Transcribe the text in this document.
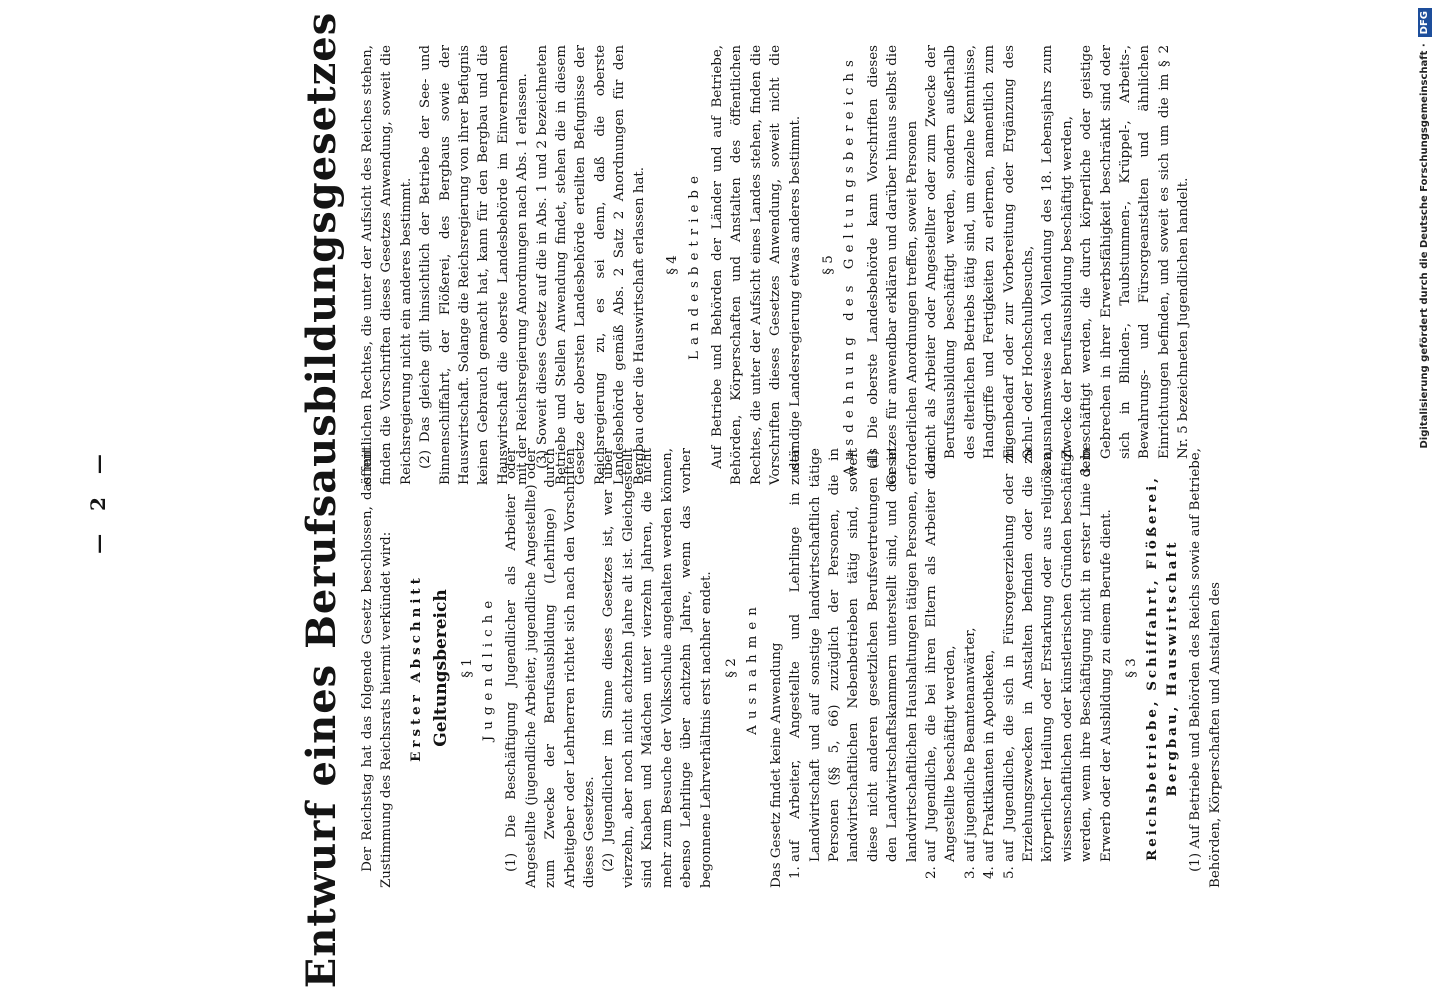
— 2 —	Entwurf eines Berufsausbildungsgesetzes Der Reichstag hat das folgende Gesetz beschlossen, das mit Zustimmung des Reichsrats hiermit verkündet wird: Erster Abschnitt Geltungsbereich § 1 Jugendliche (1) Die Beschäftigung Jugendlicher als Arbeiter oder Angestellte (jugendliche Arbeiter, jugendliche Angestellte) oder zum Zwecke der Berufsausbildung (Lehrlinge) durch Arbeitgeber oder Lehrherren richtet sich nach den Vorschriften dieses Gesetzes. (2) Jugendlicher im Sinne dieses Gesetzes ist, wer über vierzehn, aber noch nicht achtzehn Jahre alt ist. Gleichgestellt sind Knaben und Mädchen unter vierzehn Jahren, die nicht mehr zum Besuche der Volksschule angehalten werden können, ebenso Lehrlinge über achtzehn Jahre, wenn das vorher begonnene Lehrverhältnis erst nachher endet. § 2 Ausnahmen Das Gesetz findet keine Anwendung 1. auf Arbeiter, Angestellte und Lehrlinge in der Landwirtschaft und auf sonstige landwirtschaftlich tätige Personen (§§ 5, 66) zuzüglich der Personen, die in landwirtschaftlichen Nebenbetrieben tätig sind, soweit diese nicht anderen gesetzlichen Berufsvertretungen als den Landwirtschaftskammern unterstellt sind, und der in landwirtschaftlichen Haushaltungen tätigen Personen, 2. auf Jugendliche, die bei ihren Eltern als Arbeiter oder Angestellte beschäftigt werden, 3. auf jugendliche Beamtenanwärter, 4. auf Praktikanten in Apotheken, 5. auf Jugendliche, die sich in Fürsorgeerziehung oder zu Erziehungszwecken in Anstalten befinden oder die zu körperlicher Heilung oder Erstarkung oder aus religiösen, wissenschaftlichen oder künstlerischen Gründen beschäftigt werden, wenn ihre Beschäftigung nicht in erster Linie dem Erwerb oder der Ausbildung zu einem Berufe dient. § 3 Reichsbetriebe, Schiffahrt, Flößerei, Bergbau, Hauswirtschaft (1) Auf Betriebe und Behörden des Reichs sowie auf Betriebe, Behörden, Körperschaften und Anstalten des

öffentlichen Rechtes, die unter der Aufsicht des Reiches stehen, finden die Vorschriften dieses Gesetzes Anwendung, soweit die Reichsregierung nicht ein anderes bestimmt. (2) Das gleiche gilt hinsichtlich der Betriebe der See- und Binnenschiffahrt, der Flößerei, des Bergbaus sowie der Hauswirtschaft. Solange die Reichsregierung von ihrer Befugnis keinen Gebrauch gemacht hat, kann für den Bergbau und die Hauswirtschaft die oberste Landesbehörde im Einvernehmen mit der Reichsregierung Anordnungen nach Abs. 1 erlassen. (3) Soweit dieses Gesetz auf die in Abs. 1 und 2 bezeichneten Betriebe und Stellen Anwendung findet, stehen die in diesem Gesetze der obersten Landesbehörde erteilten Befugnisse der Reichsregierung zu, es sei denn, daß die oberste Landesbehörde gemäß Abs. 2 Satz 2 Anordnungen für den Bergbau oder die Hauswirtschaft erlassen hat. § 4 Landesbetriebe Auf Betriebe und Behörden der Länder und auf Betriebe, Behörden, Körperschaften und Anstalten des öffentlichen Rechtes, die unter der Aufsicht eines Landes stehen, finden die Vorschriften dieses Gesetzes Anwendung, soweit nicht die zuständige Landesregierung etwas anderes bestimmt. § 5 Ausdehnung des Geltungsbereichs (1) Die oberste Landesbehörde kann Vorschriften dieses Gesetzes für anwendbar erklären und darüber hinaus selbst die erforderlichen Anordnungen treffen, soweit Personen 1. nicht als Arbeiter oder Angestellter oder zum Zwecke der Berufsausbildung beschäftigt werden, sondern außerhalb des elterlichen Betriebs tätig sind, um einzelne Kenntnisse, Handgriffe und Fertigkeiten zu erlernen, namentlich zum Eigenbedarf oder zur Vorbereitung oder Ergänzung des Schul- oder Hochschulbesuchs, 2. ausnahmsweise nach Vollendung des 18. Lebensjahrs zum Zwecke der Berufsausbildung beschäftigt werden, 3. beschäftigt werden, die durch körperliche oder geistige Gebrechen in ihrer Erwerbsfähigkeit beschränkt sind oder sich in Blinden-, Taubstummen-, Krüppel-, Arbeits-, Bewahrungs- und Fürsorgeanstalten und ähnlichen Einrichtungen befinden, und soweit es sich um die im § 2 Nr. 5 bezeichneten Jugendlichen handelt.	Digitalisierung gefördert durch die Deutsche Forschungsgemeinschaft ·DFG
